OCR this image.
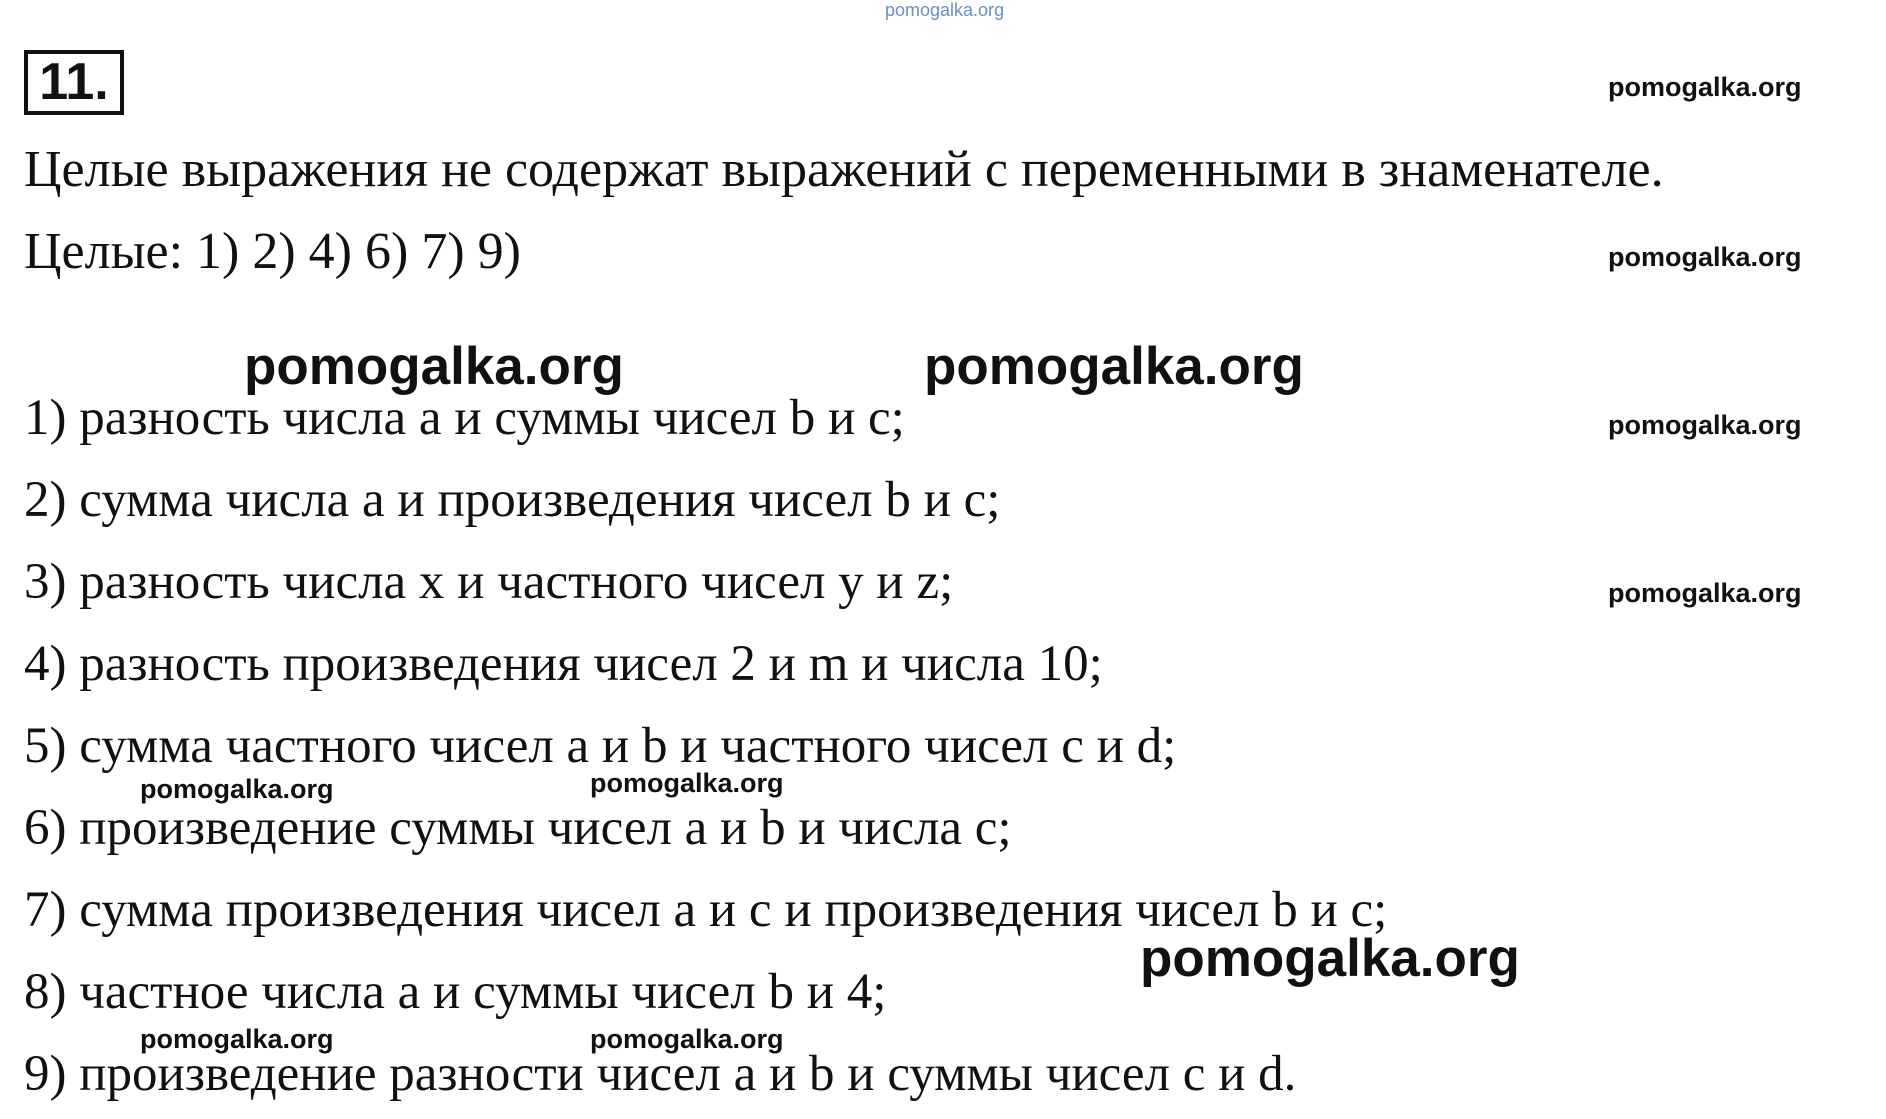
pomogalka.org
11.	pomogalka.org
Целые выражения не содержат выражений с переменными в знаменателе.
Целые: 1) 2) 4) 6) 7) 9)	pomogalka.org
pomogalka.org	pomogalka.org
1) разность числа a и суммы чисел b и c;	pomogalka.org
2) сумма числа a и произведения чисел b и c;
3) разность числа x и частного чисел y и z;	pomogalka.org
4) разность произведения чисел 2 и m и числа 10;
5) сумма частного чисел a и b и частного чисел c и d;
pomogalka.org	pomogalka.org
6) произведение суммы чисел a и b и числа c;
7) сумма произведения чисел a и c и произведения чисел b и c;
pomogalka.org
8) частное числа a и суммы чисел b и 4;
pomogalka.org	pomogalka.org
9) произведение разности чисел a и b и суммы чисел c и d.
